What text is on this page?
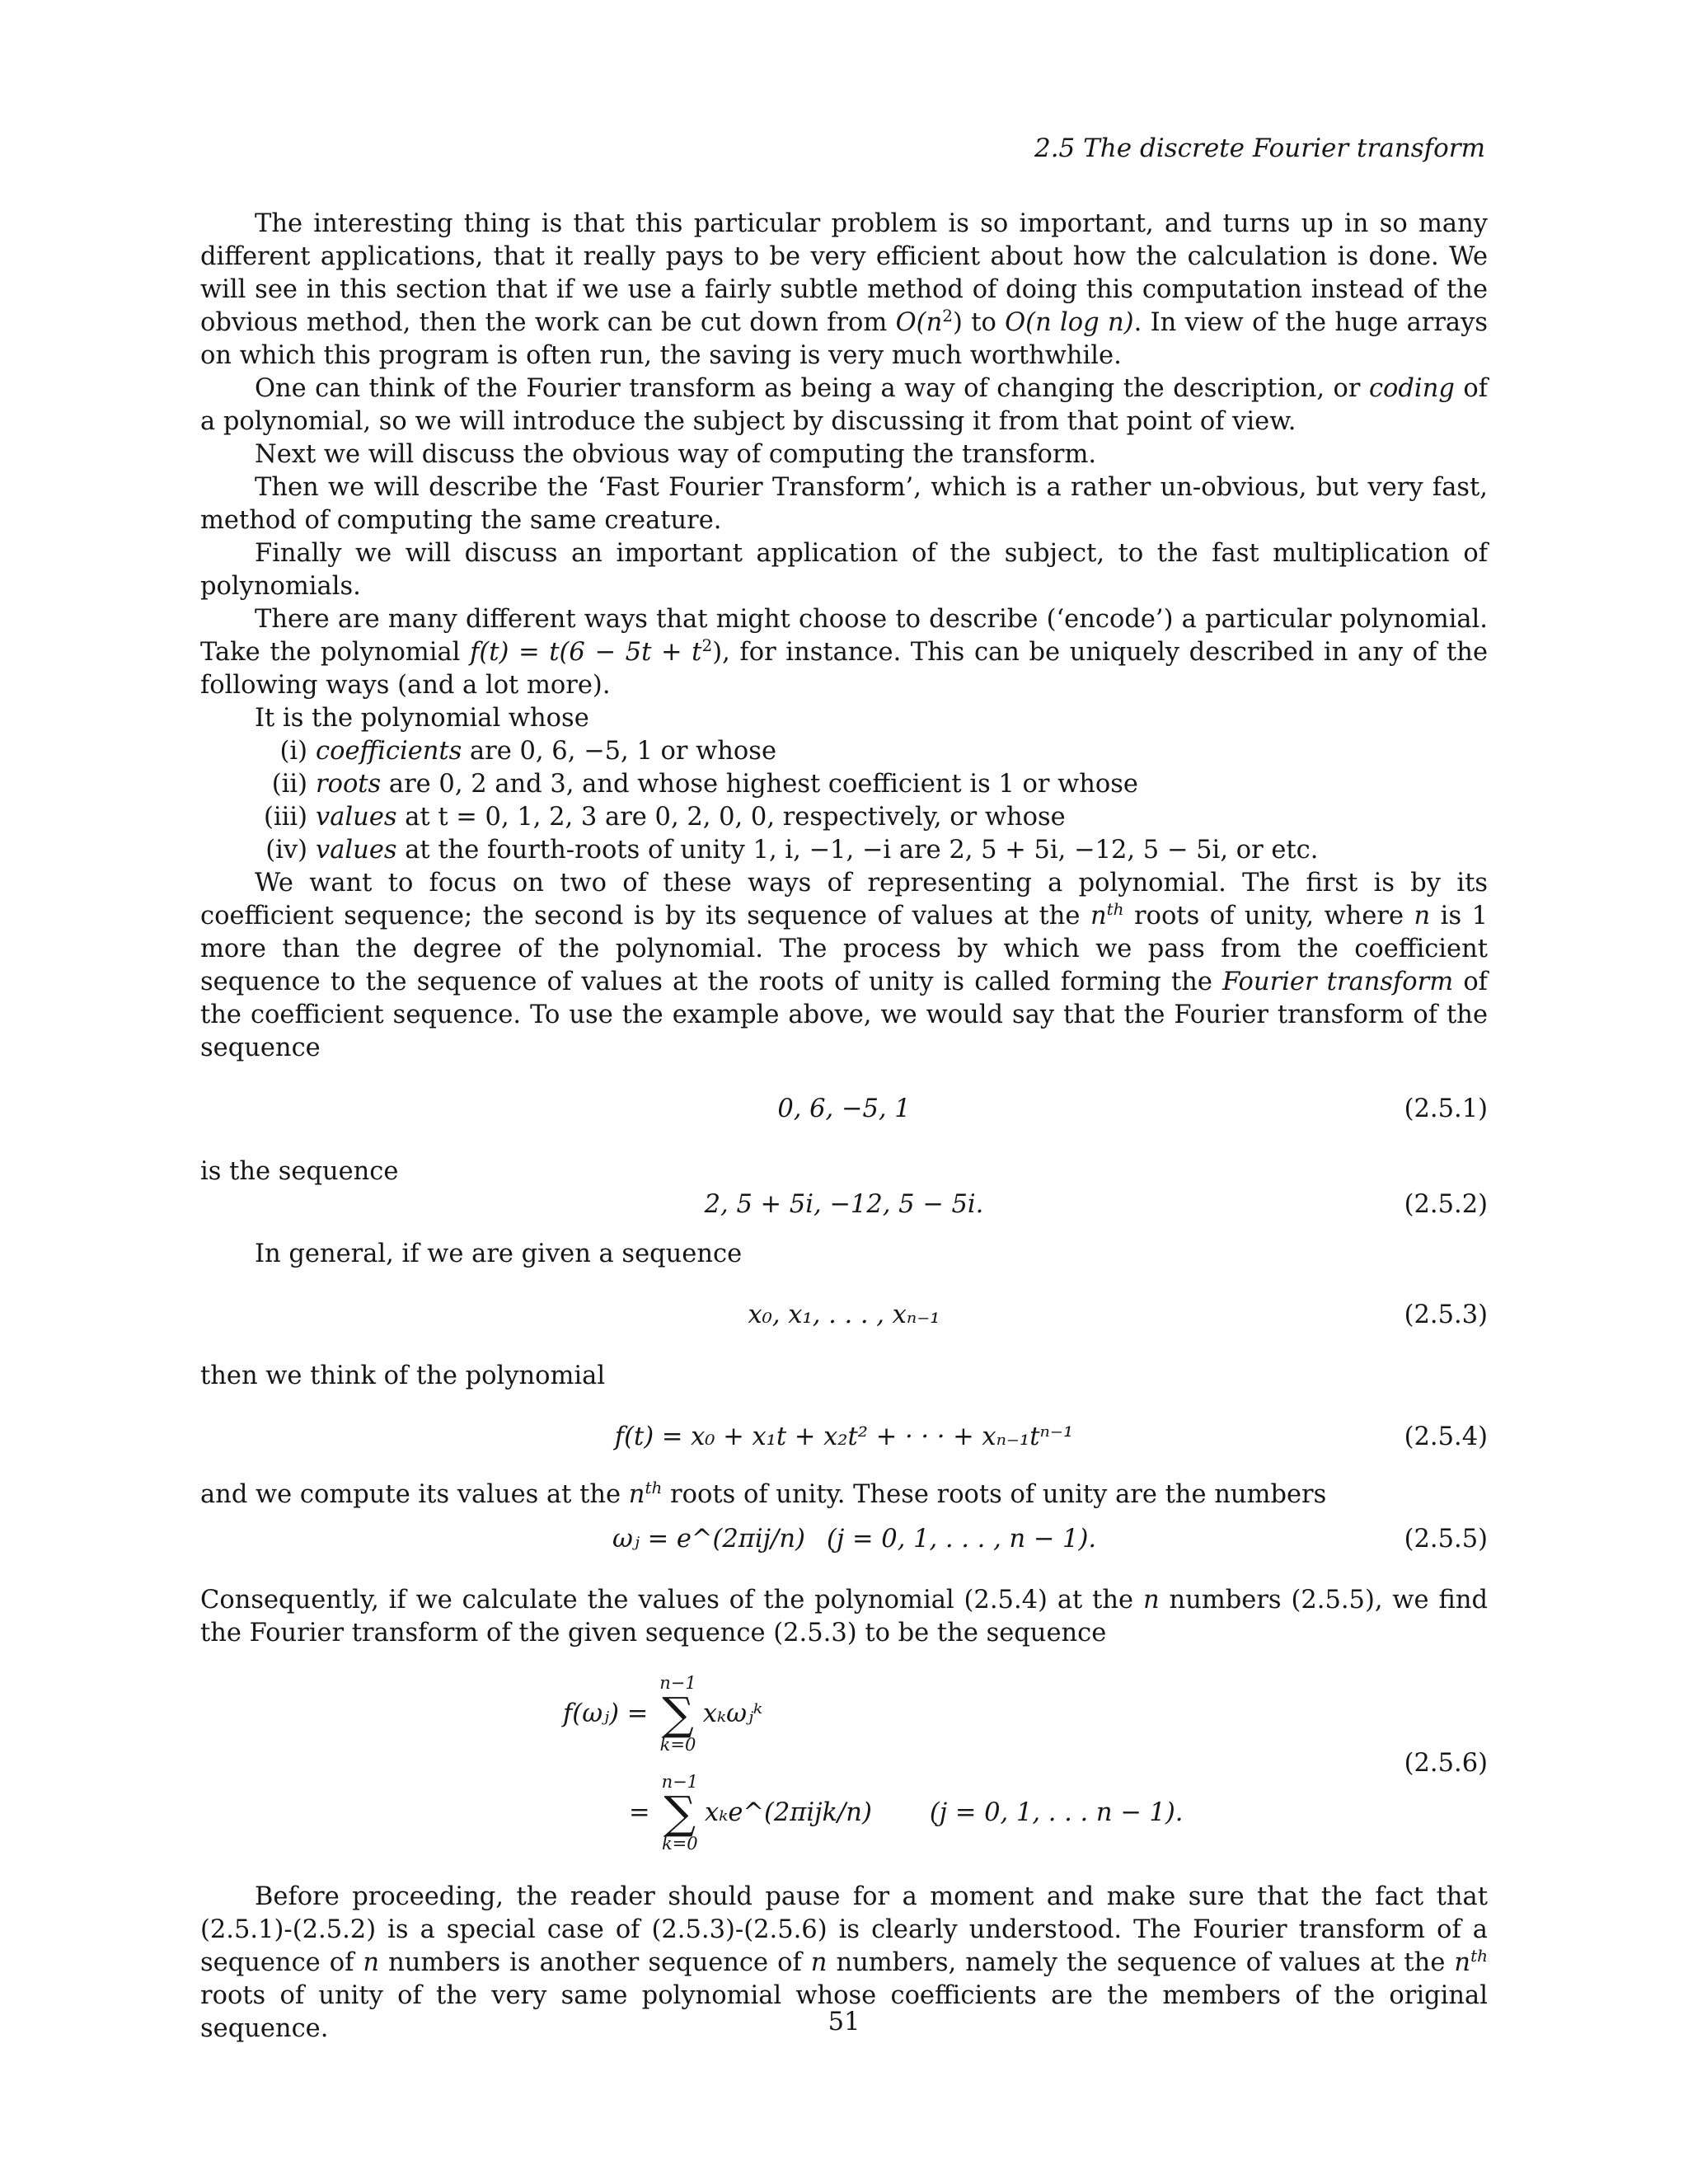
2.5 The discrete Fourier transform

The interesting thing is that this particular problem is so important, and turns up in so many different applications, that it really pays to be very efficient about how the calculation is done. We will see in this section that if we use a fairly subtle method of doing this computation instead of the obvious method, then the work can be cut down from $O(n^2)$ to O(n log n). In view of the huge arrays on which this program is often run, the saving is very much worthwhile.

One can think of the Fourier transform as being a way of changing the description, or coding of a polynomial, so we will introduce the subject by discussing it from that point of view.

Next we will discuss the obvious way of computing the transform.

Then we will describe the ‘Fast Fourier Transform’, which is a rather un-obvious, but very fast, method of computing the same creature.

Finally we will discuss an important application of the subject, to the fast multiplication of polynomials.

There are many different ways that might choose to describe (‘encode’) a particular polynomial. Take the polynomial $f(t) = t(6 - 5t + t^2)$, for instance. This can be uniquely described in any of the following ways (and a lot more).

It is the polynomial whose

(i) coefficients are 0, 6, −5, 1 or whose
(ii) roots are 0, 2 and 3, and whose highest coefficient is 1 or whose
(iii) values at t = 0, 1, 2, 3 are 0, 2, 0, 0, respectively, or whose
(iv) values at the fourth-roots of unity 1, i, −1, −i are 2, 5 + 5i, −12, 5 − 5i, or etc.

We want to focus on two of these ways of representing a polynomial. The first is by its coefficient sequence; the second is by its sequence of values at the $n^{th}$ roots of unity, where n is 1 more than the degree of the polynomial. The process by which we pass from the coefficient sequence to the sequence of values at the roots of unity is called forming the Fourier transform of the coefficient sequence. To use the example above, we would say that the Fourier transform of the sequence

0, 6, −5, 1	(2.5.1)

is the sequence

2, 5 + 5i, −12, 5 − 5i.	(2.5.2)

In general, if we are given a sequence

x₀, x₁, . . . , xₙ₋₁	(2.5.3)

then we think of the polynomial

f(t) = x₀ + x₁t + x₂t² + · · · + xₙ₋₁tⁿ⁻¹	(2.5.4)

and we compute its values at the $n^{th}$ roots of unity. These roots of unity are the numbers

ωⱼ = e^(2πij/n) (j = 0, 1, . . . , n − 1).	(2.5.5)

Consequently, if we calculate the values of the polynomial (2.5.4) at the n numbers (2.5.5), we find the Fourier transform of the given sequence (2.5.3) to be the sequence

f(ωⱼ) =
n−1
∑
k=0
xₖωⱼᵏ
=
n−1
∑
k=0
xₖe^(2πijk/n) (j = 0, 1, . . . n − 1).
(2.5.6)

Before proceeding, the reader should pause for a moment and make sure that the fact that (2.5.1)-(2.5.2) is a special case of (2.5.3)-(2.5.6) is clearly understood. The Fourier transform of a sequence of n numbers is another sequence of n numbers, namely the sequence of values at the $n^{th}$ roots of unity of the very same polynomial whose coefficients are the members of the original sequence.	51
